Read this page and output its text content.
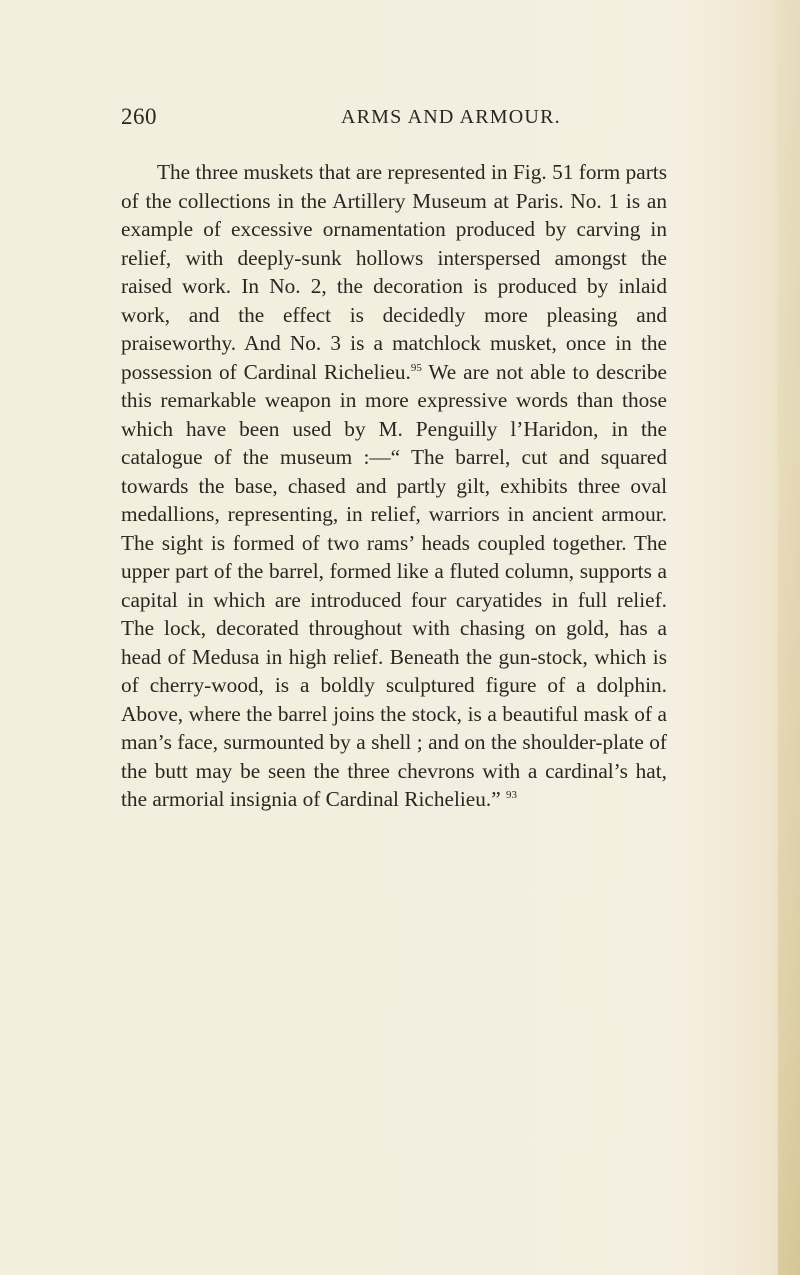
260	ARMS AND ARMOUR.

The three muskets that are represented in Fig. 51 form parts of the collections in the Artillery Museum at Paris. No. 1 is an example of excessive ornamentation produced by carving in relief, with deeply-sunk hollows interspersed amongst the raised work. In No. 2, the decoration is produced by inlaid work, and the effect is decidedly more pleasing and praiseworthy. And No. 3 is a matchlock musket, once in the possession of Cardinal Richelieu.$^{95}$ We are not able to describe this remarkable weapon in more expressive words than those which have been used by M. Penguilly l’Haridon, in the catalogue of the museum :—“ The barrel, cut and squared towards the base, chased and partly gilt, exhibits three oval medallions, representing, in relief, warriors in ancient armour. The sight is formed of two rams’ heads coupled together. The upper part of the barrel, formed like a fluted column, supports a capital in which are introduced four caryatides in full relief. The lock, decorated throughout with chasing on gold, has a head of Medusa in high relief. Beneath the gun-stock, which is of cherry-wood, is a boldly sculptured figure of a dolphin. Above, where the barrel joins the stock, is a beautiful mask of a man’s face, surmounted by a shell ; and on the shoulder-plate of the butt may be seen the three chevrons with a cardinal’s hat, the armorial insignia of Cardinal Richelieu.” $^{93}$
